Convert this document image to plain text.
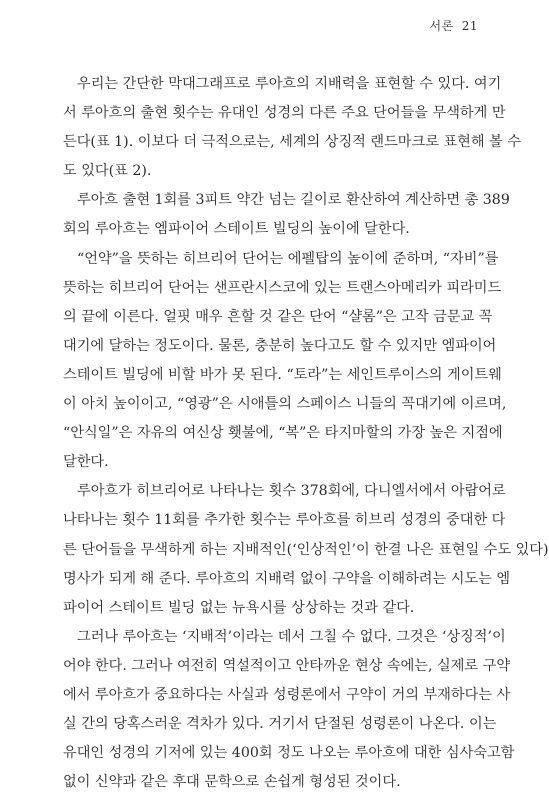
서론 21
우리는 간단한 막대그래프로 루아흐의 지배력을 표현할 수 있다. 여기
서 루아흐의 출현 횟수는 유대인 성경의 다른 주요 단어들을 무색하게 만
든다(표 1). 이보다 더 극적으로는, 세계의 상징적 랜드마크로 표현해 볼 수
도 있다(표 2).
루아흐 출현 1회를 3피트 약간 넘는 길이로 환산하여 계산하면 총 389
회의 루아흐는 엠파이어 스테이트 빌딩의 높이에 달한다.
“언약”을 뜻하는 히브리어 단어는 에펠탑의 높이에 준하며, “자비”를
뜻하는 히브리어 단어는 샌프란시스코에 있는 트랜스아메리카 피라미드
의 끝에 이른다. 얼핏 매우 흔할 것 같은 단어 “샬롬”은 고작 금문교 꼭
대기에 달하는 정도이다. 물론, 충분히 높다고도 할 수 있지만 엠파이어
스테이트 빌딩에 비할 바가 못 된다. “토라”는 세인트루이스의 게이트웨
이 아치 높이이고, “영광”은 시애틀의 스페이스 니들의 꼭대기에 이르며,
“안식일”은 자유의 여신상 횃불에, “복”은 타지마할의 가장 높은 지점에
달한다.
루아흐가 히브리어로 나타나는 횟수 378회에, 다니엘서에서 아람어로
나타나는 횟수 11회를 추가한 횟수는 루아흐를 히브리 성경의 중대한 다
른 단어들을 무색하게 하는 지배적인(‘인상적인’이 한결 나은 표현일 수도 있다)
명사가 되게 해 준다. 루아흐의 지배력 없이 구약을 이해하려는 시도는 엠
파이어 스테이트 빌딩 없는 뉴욕시를 상상하는 것과 같다.
그러나 루아흐는 ‘지배적’이라는 데서 그칠 수 없다. 그것은 ‘상징적’이
어야 한다. 그러나 여전히 역설적이고 안타까운 현상 속에는, 실제로 구약
에서 루아흐가 중요하다는 사실과 성령론에서 구약이 거의 부재하다는 사
실 간의 당혹스러운 격차가 있다. 거기서 단절된 성령론이 나온다. 이는
유대인 성경의 기저에 있는 400회 정도 나오는 루아흐에 대한 심사숙고함
없이 신약과 같은 후대 문학으로 손쉽게 형성된 것이다.
